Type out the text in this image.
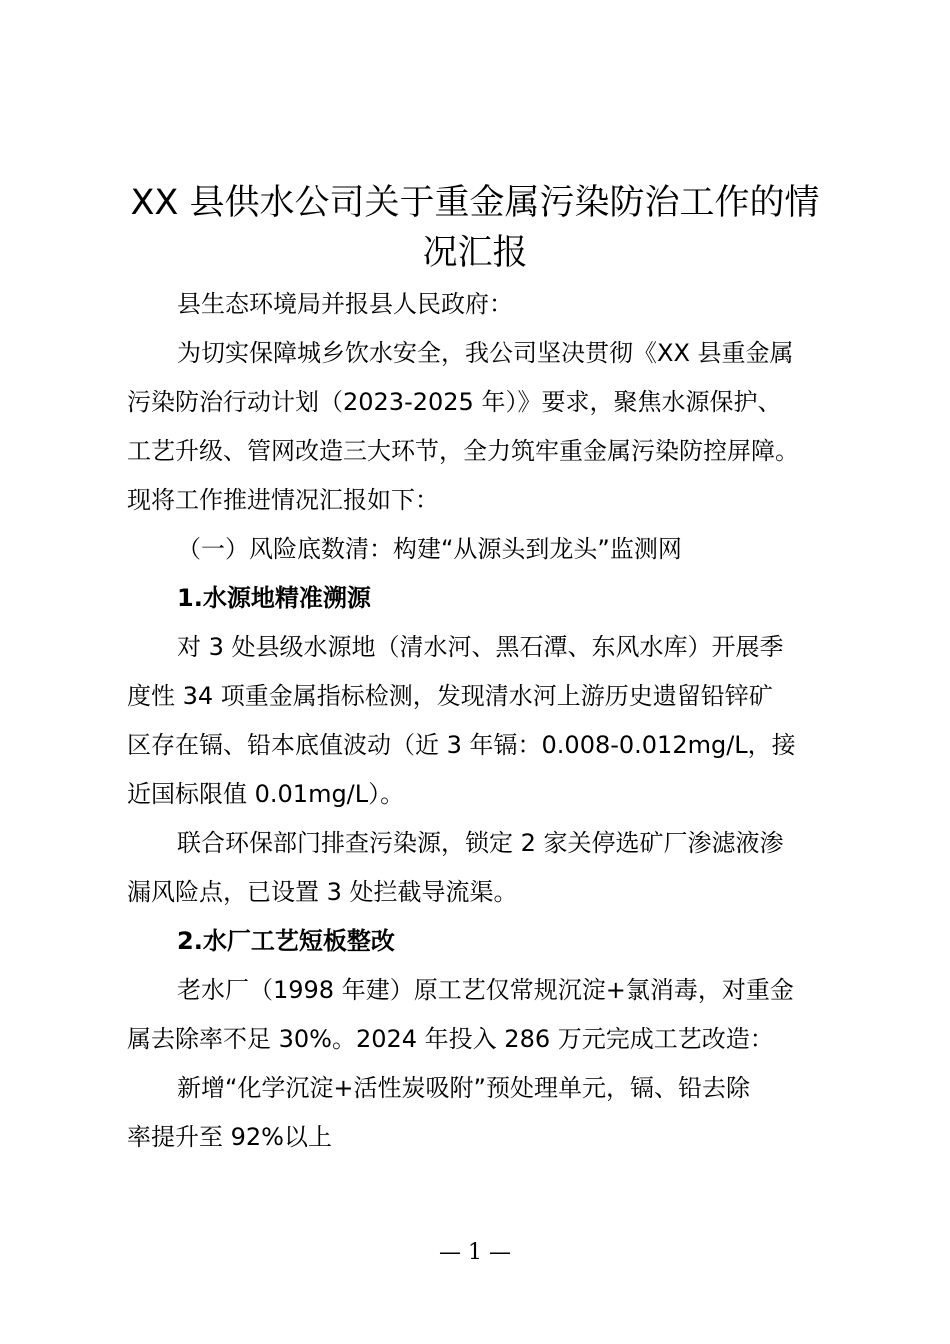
XX 县供水公司关于重金属污染防治工作的情
况汇报

县生态环境局并报县人民政府：

为切实保障城乡饮水安全，我公司坚决贯彻《XX 县重金属
污染防治行动计划（2023-2025 年）》要求，聚焦水源保护、
工艺升级、管网改造三大环节，全力筑牢重金属污染防控屏障。
现将工作推进情况汇报如下：

（一）风险底数清：构建“从源头到龙头”监测网

1.水源地精准溯源

对 3 处县级水源地（清水河、黑石潭、东风水库）开展季
度性 34 项重金属指标检测，发现清水河上游历史遗留铅锌矿
区存在镉、铅本底值波动（近 3 年镉：0.008-0.012mg/L，接
近国标限值 0.01mg/L）。

联合环保部门排查污染源，锁定 2 家关停选矿厂渗滤液渗
漏风险点，已设置 3 处拦截导流渠。

2.水厂工艺短板整改

老水厂（1998 年建）原工艺仅常规沉淀+氯消毒，对重金
属去除率不足 30%。2024 年投入 286 万元完成工艺改造：

新增“化学沉淀+活性炭吸附”预处理单元，镉、铅去除
率提升至 92%以上

— 1 —
